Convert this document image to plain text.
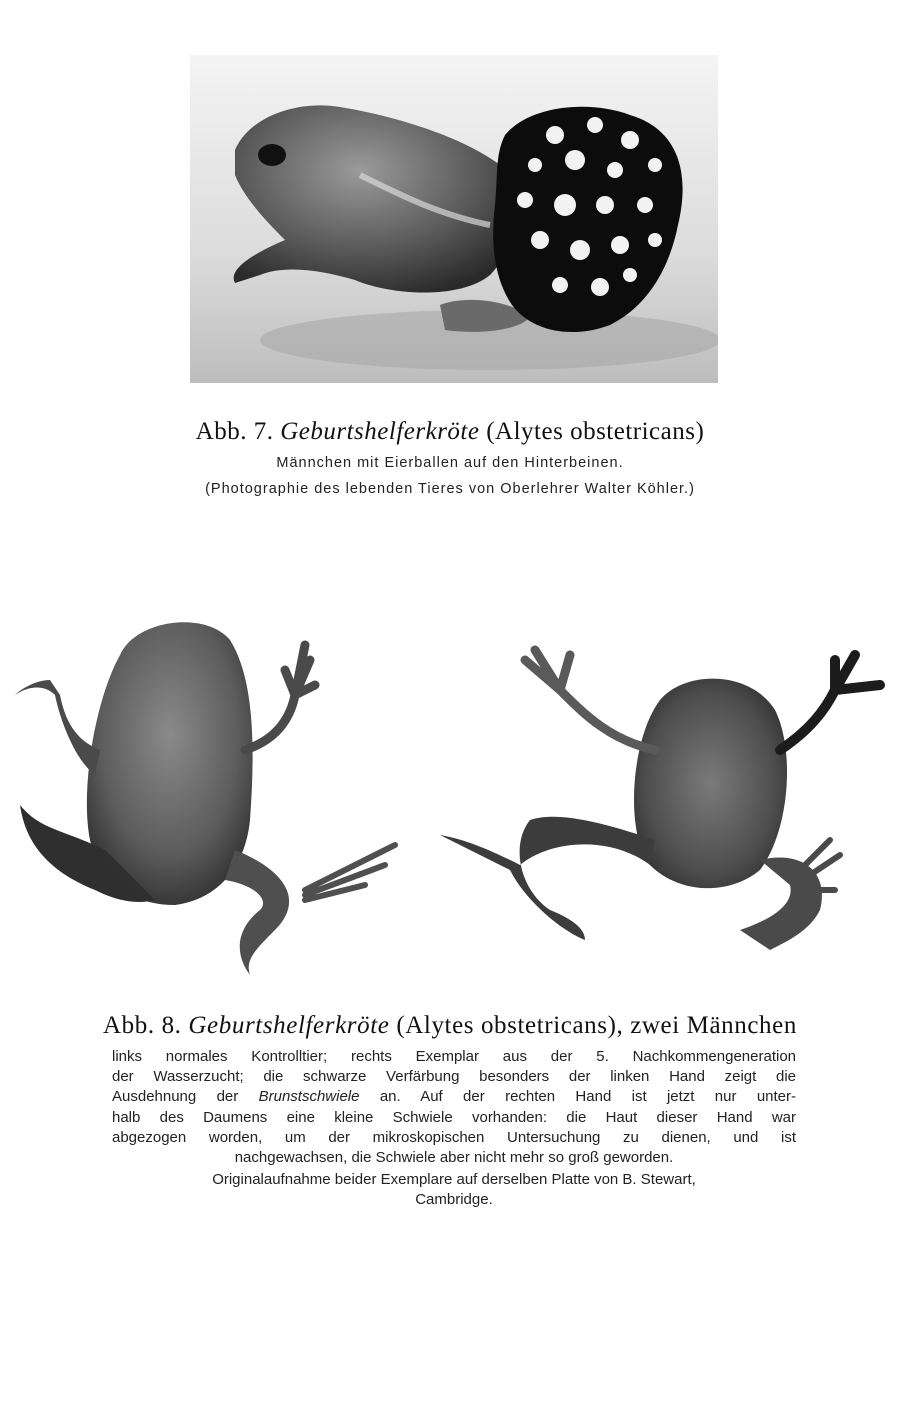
Abb. 7. Geburtshelferkröte (Alytes obstetricans)
Männchen mit Eierballen auf den Hinterbeinen.
(Photographie des lebenden Tieres von Oberlehrer Walter Köhler.)
Abb. 8. Geburtshelferkröte (Alytes obstetricans), zwei Männchen
links normales Kontrolltier; rechts Exemplar aus der 5. Nachkommengeneration
der Wasserzucht; die schwarze Verfärbung besonders der linken Hand zeigt die
Ausdehnung der Brunstschwiele an. Auf der rechten Hand ist jetzt nur unter-
halb des Daumens eine kleine Schwiele vorhanden: die Haut dieser Hand war
abgezogen worden, um der mikroskopischen Untersuchung zu dienen, und ist
nachgewachsen, die Schwiele aber nicht mehr so groß geworden.
Originalaufnahme beider Exemplare auf derselben Platte von B. Stewart,
Cambridge.
